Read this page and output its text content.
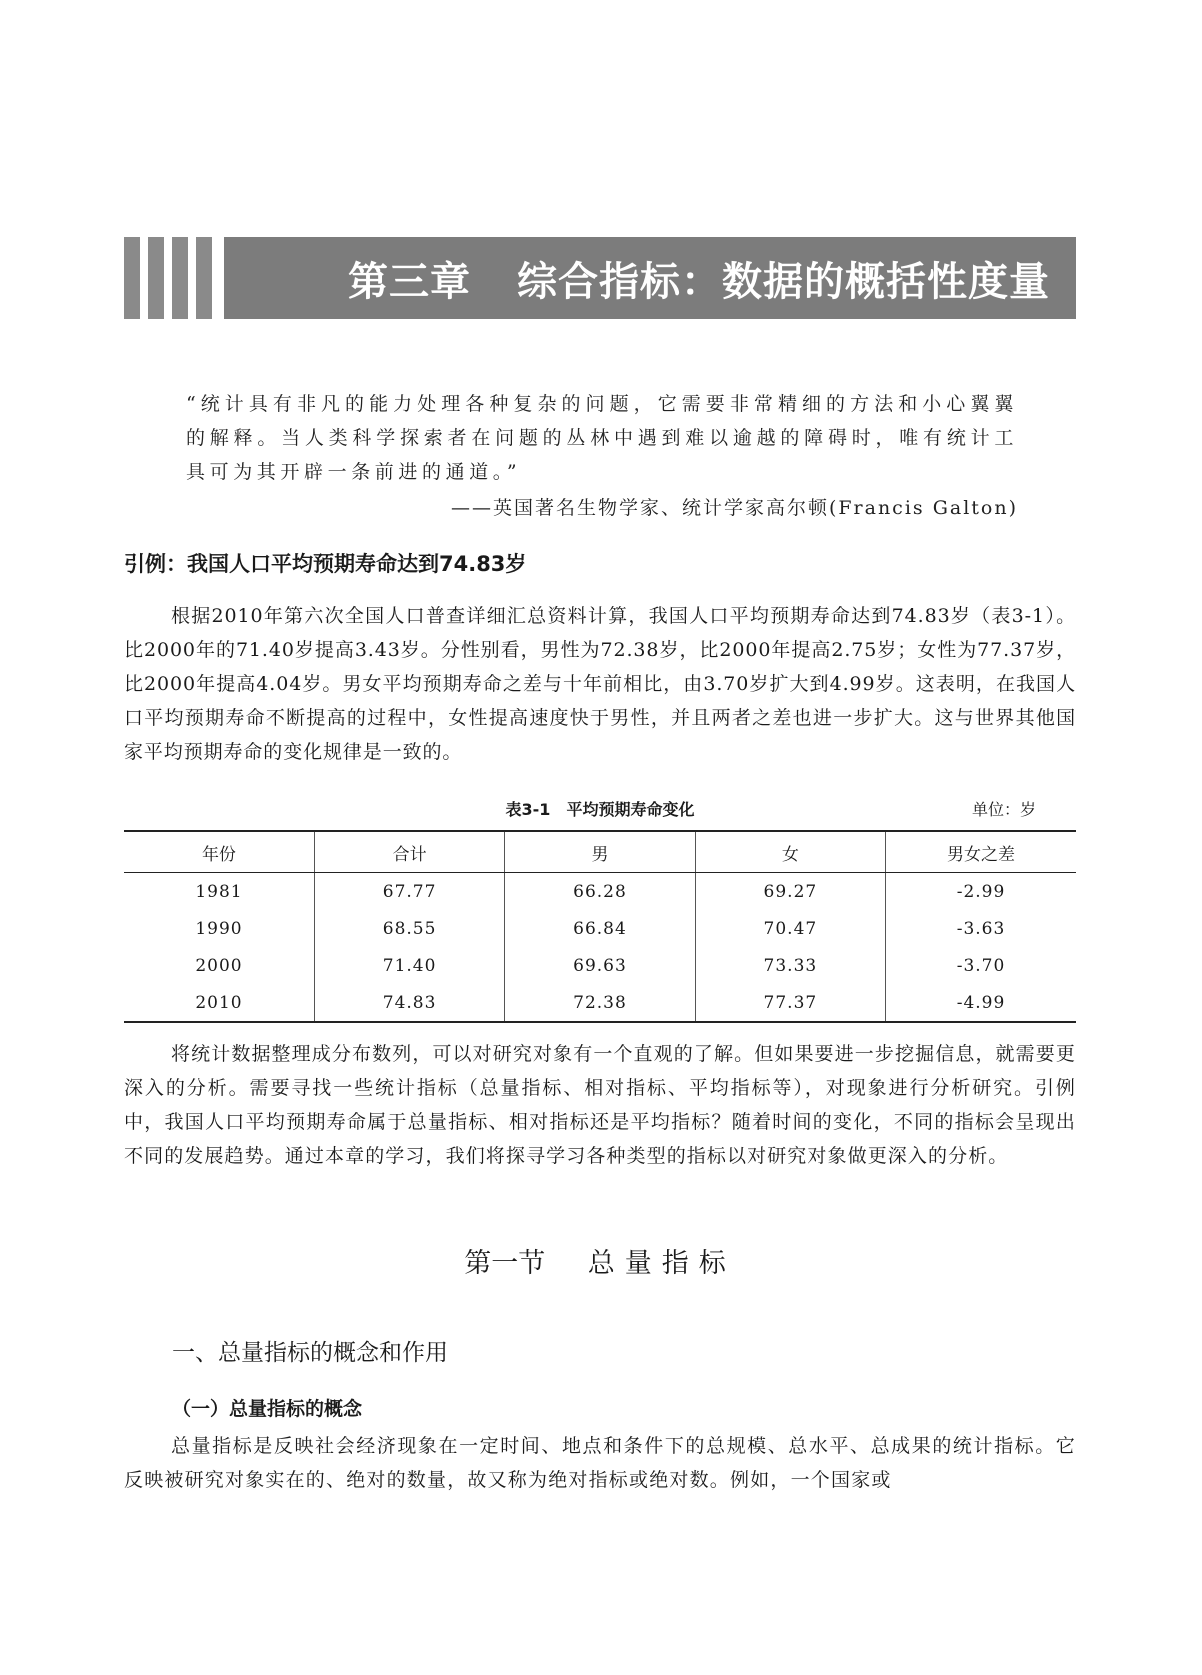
第三章 综合指标：数据的概括性度量

“统计具有非凡的能力处理各种复杂的问题，它需要非常精细的方法和小心翼翼的解释。当人类科学探索者在问题的丛林中遇到难以逾越的障碍时，唯有统计工具可为其开辟一条前进的通道。”

——英国著名生物学家、统计学家高尔顿(Francis Galton)

引例：我国人口平均预期寿命达到74.83岁

根据2010年第六次全国人口普查详细汇总资料计算，我国人口平均预期寿命达到74.83岁（表3-1）。比2000年的71.40岁提高3.43岁。分性别看，男性为72.38岁，比2000年提高2.75岁；女性为77.37岁，比2000年提高4.04岁。男女平均预期寿命之差与十年前相比，由3.70岁扩大到4.99岁。这表明，在我国人口平均预期寿命不断提高的过程中，女性提高速度快于男性，并且两者之差也进一步扩大。这与世界其他国家平均预期寿命的变化规律是一致的。

表3-1　平均预期寿命变化	单位：岁
年份	合计	男	女	男女之差
1981	67.77	66.28	69.27	-2.99
1990	68.55	66.84	70.47	-3.63
2000	71.40	69.63	73.33	-3.70
2010	74.83	72.38	77.37	-4.99

将统计数据整理成分布数列，可以对研究对象有一个直观的了解。但如果要进一步挖掘信息，就需要更深入的分析。需要寻找一些统计指标（总量指标、相对指标、平均指标等），对现象进行分析研究。引例中，我国人口平均预期寿命属于总量指标、相对指标还是平均指标？随着时间的变化，不同的指标会呈现出不同的发展趋势。通过本章的学习，我们将探寻学习各种类型的指标以对研究对象做更深入的分析。

第一节 总量指标
一、总量指标的概念和作用
（一）总量指标的概念

总量指标是反映社会经济现象在一定时间、地点和条件下的总规模、总水平、总成果的统计指标。它反映被研究对象实在的、绝对的数量，故又称为绝对指标或绝对数。例如，一个国家或
